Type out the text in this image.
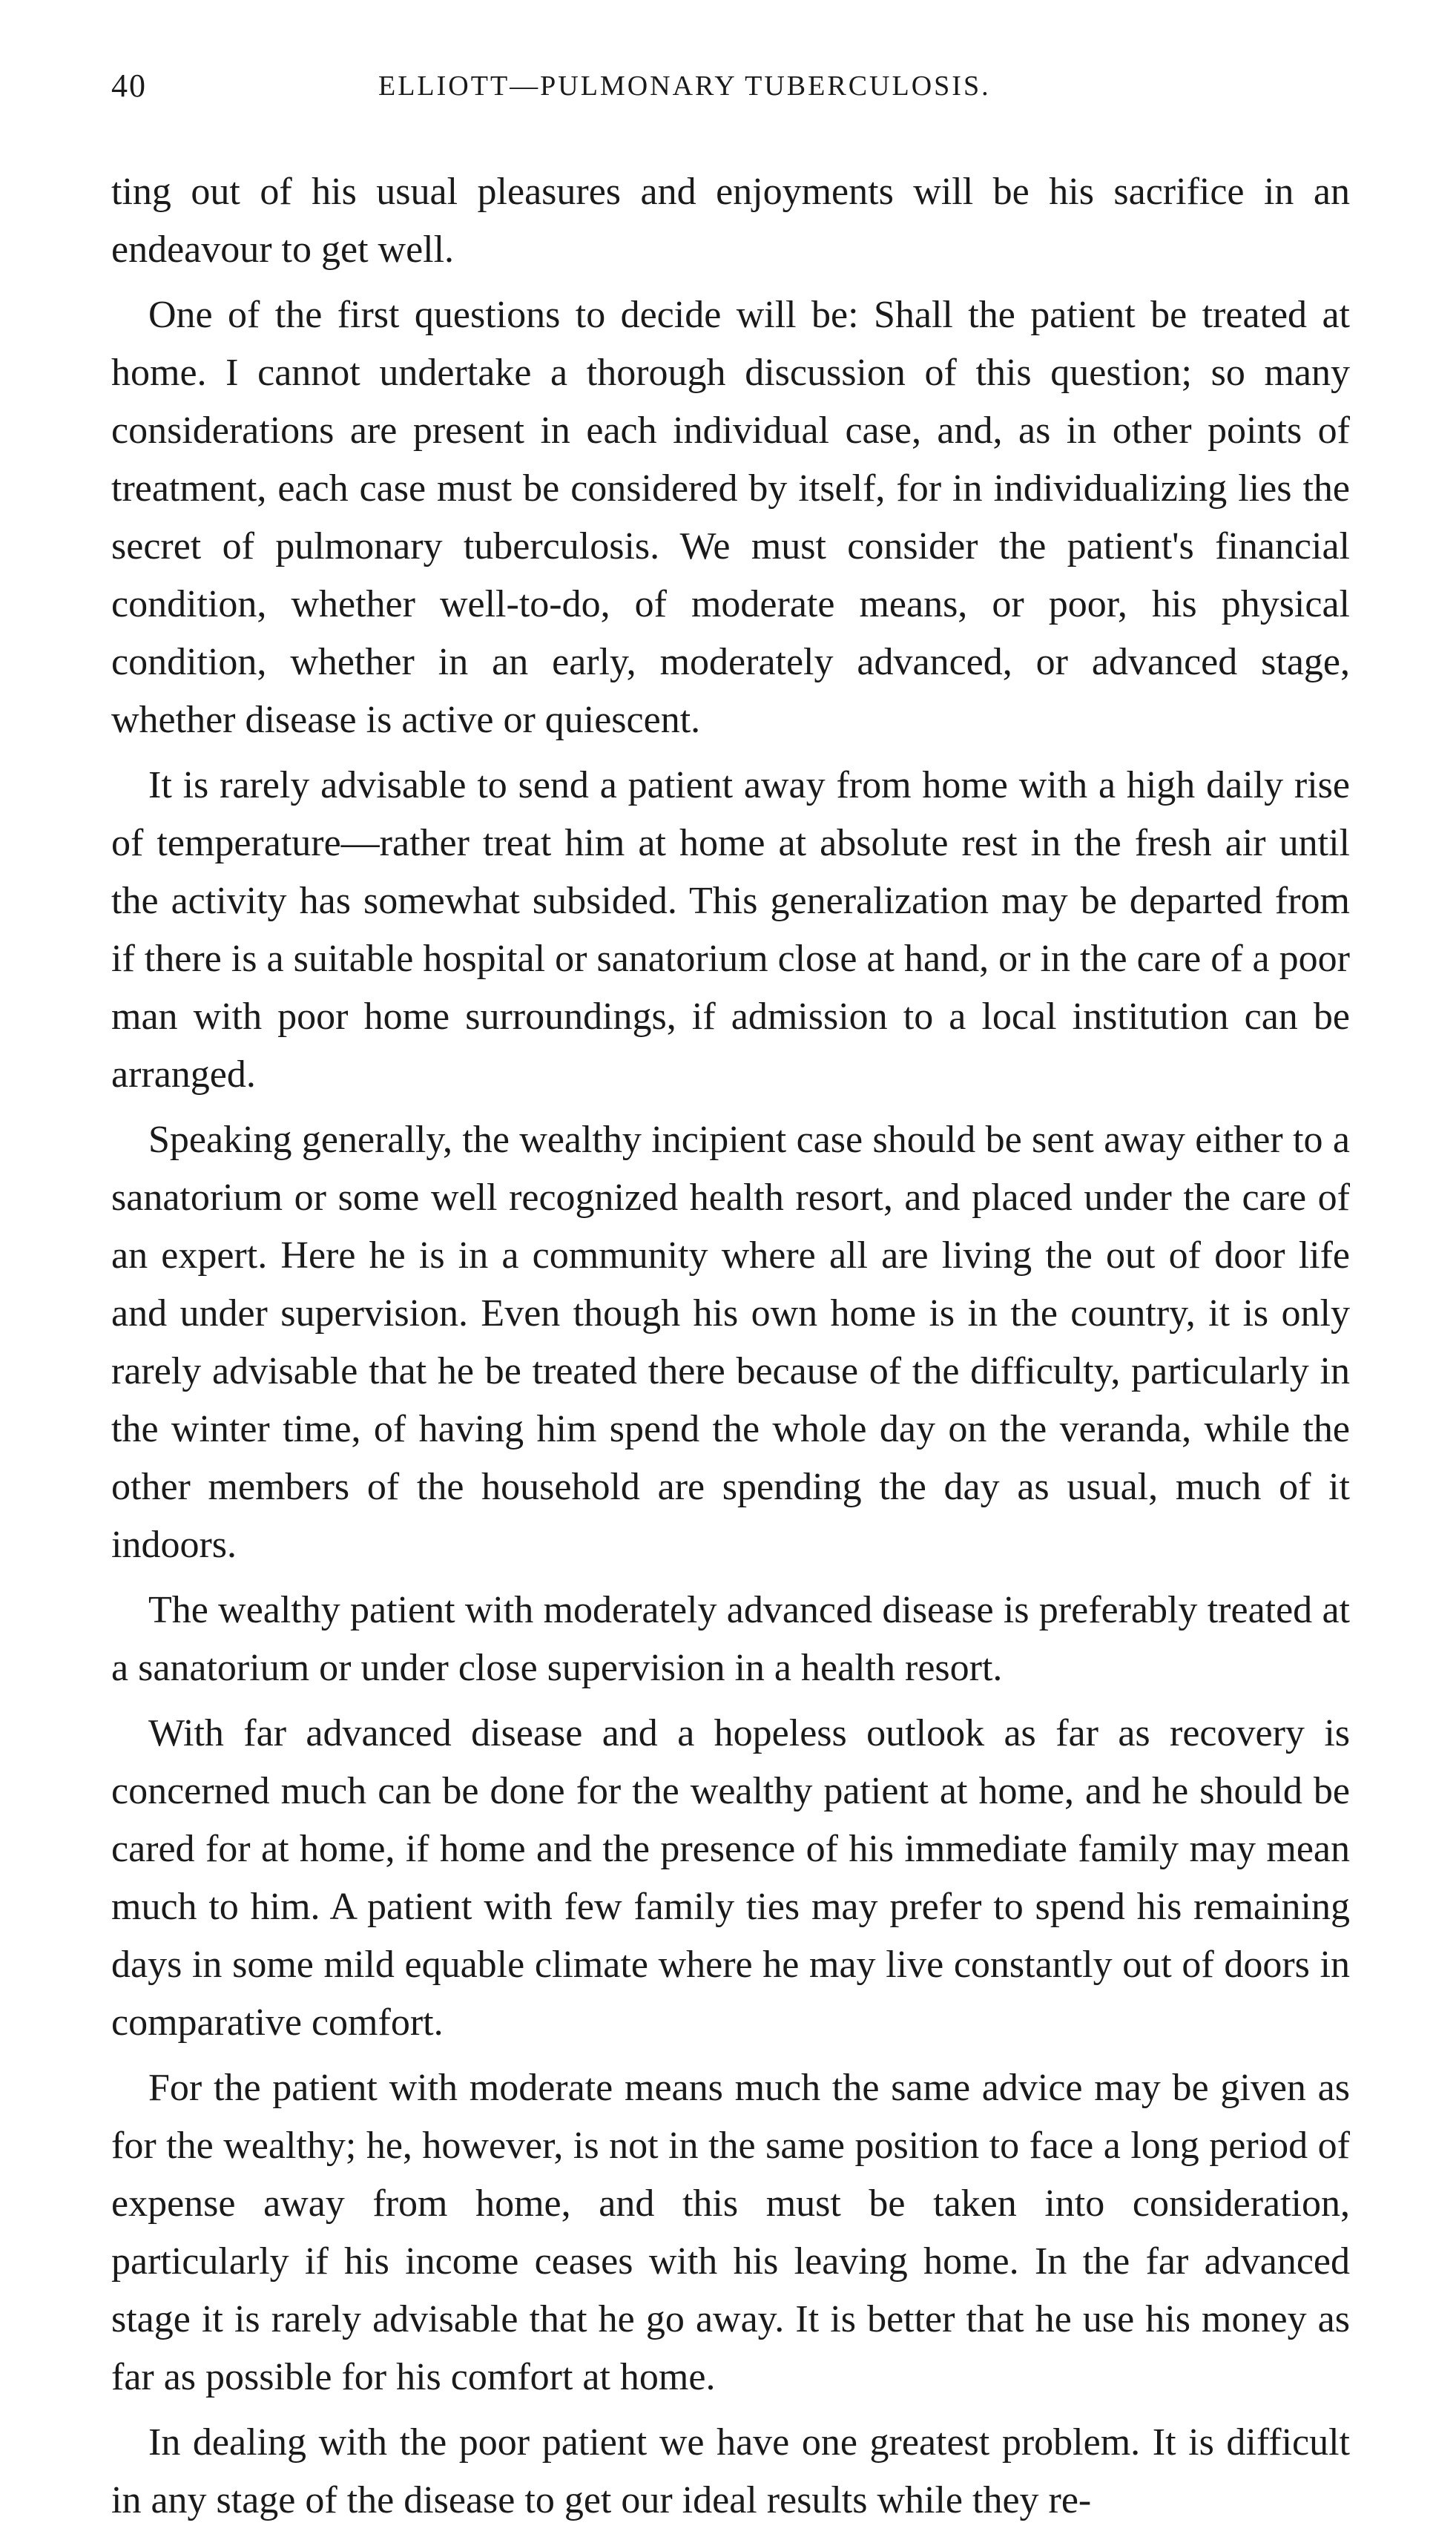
40	ELLIOTT—PULMONARY TUBERCULOSIS.

ting out of his usual pleasures and enjoyments will be his sacrifice in an endeavour to get well.

One of the first questions to decide will be: Shall the patient be treated at home. I cannot undertake a thorough discussion of this question; so many considerations are present in each individual case, and, as in other points of treatment, each case must be considered by itself, for in individualizing lies the secret of pulmonary tuberculosis. We must consider the patient's financial condition, whether well-to-do, of moderate means, or poor, his physical condition, whether in an early, moderately advanced, or advanced stage, whether disease is active or quiescent.

It is rarely advisable to send a patient away from home with a high daily rise of temperature—rather treat him at home at absolute rest in the fresh air until the activity has somewhat subsided. This generalization may be departed from if there is a suitable hospital or sanatorium close at hand, or in the care of a poor man with poor home surroundings, if admission to a local institution can be arranged.

Speaking generally, the wealthy incipient case should be sent away either to a sanatorium or some well recognized health resort, and placed under the care of an expert. Here he is in a community where all are living the out of door life and under supervision. Even though his own home is in the country, it is only rarely advisable that he be treated there because of the difficulty, particularly in the winter time, of having him spend the whole day on the veranda, while the other members of the household are spending the day as usual, much of it indoors.

The wealthy patient with moderately advanced disease is preferably treated at a sanatorium or under close supervision in a health resort.

With far advanced disease and a hopeless outlook as far as recovery is concerned much can be done for the wealthy patient at home, and he should be cared for at home, if home and the presence of his immediate family may mean much to him. A patient with few family ties may prefer to spend his remaining days in some mild equable climate where he may live constantly out of doors in comparative comfort.

For the patient with moderate means much the same advice may be given as for the wealthy; he, however, is not in the same position to face a long period of expense away from home, and this must be taken into consideration, particularly if his income ceases with his leaving home. In the far advanced stage it is rarely advisable that he go away. It is better that he use his money as far as possible for his comfort at home.

In dealing with the poor patient we have one greatest problem. It is difficult in any stage of the disease to get our ideal results while they re-
